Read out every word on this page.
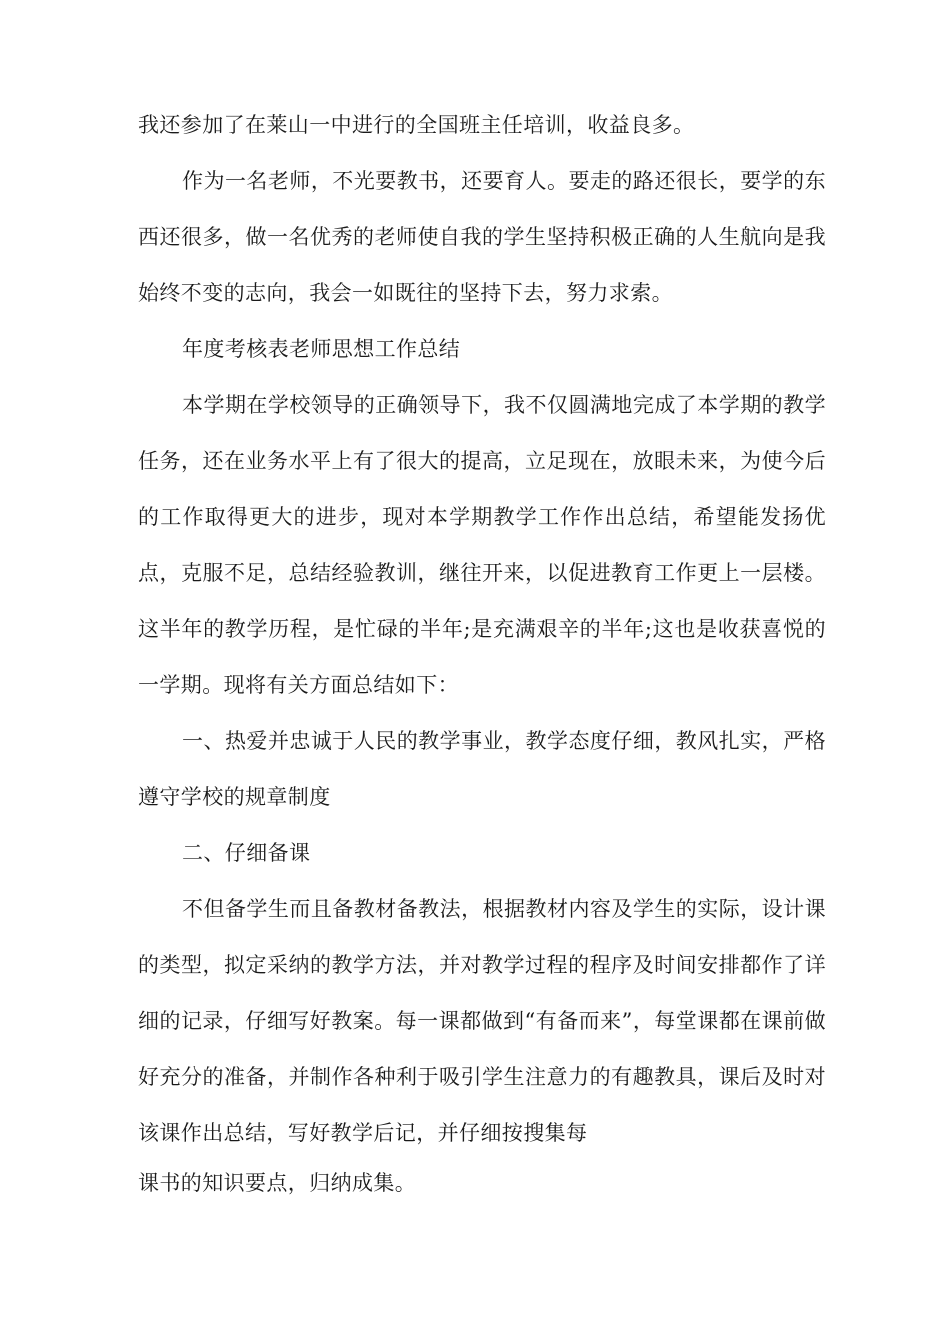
我还参加了在莱山一中进行的全国班主任培训，收益良多。

作为一名老师，不光要教书，还要育人。要走的路还很长，要学的东西还很多，做一名优秀的老师使自我的学生坚持积极正确的人生航向是我始终不变的志向，我会一如既往的坚持下去，努力求索。

年度考核表老师思想工作总结

本学期在学校领导的正确领导下，我不仅圆满地完成了本学期的教学任务，还在业务水平上有了很大的提高，立足现在，放眼未来，为使今后的工作取得更大的进步，现对本学期教学工作作出总结，希望能发扬优点，克服不足，总结经验教训，继往开来，以促进教育工作更上一层楼。这半年的教学历程，是忙碌的半年;是充满艰辛的半年;这也是收获喜悦的一学期。现将有关方面总结如下：

一、热爱并忠诚于人民的教学事业，教学态度仔细，教风扎实，严格遵守学校的规章制度

二、仔细备课

不但备学生而且备教材备教法，根据教材内容及学生的实际，设计课的类型，拟定采纳的教学方法，并对教学过程的程序及时间安排都作了详细的记录，仔细写好教案。每一课都做到“有备而来”，每堂课都在课前做好充分的准备，并制作各种利于吸引学生注意力的有趣教具，课后及时对该课作出总结，写好教学后记，并仔细按搜集每

课书的知识要点，归纳成集。
